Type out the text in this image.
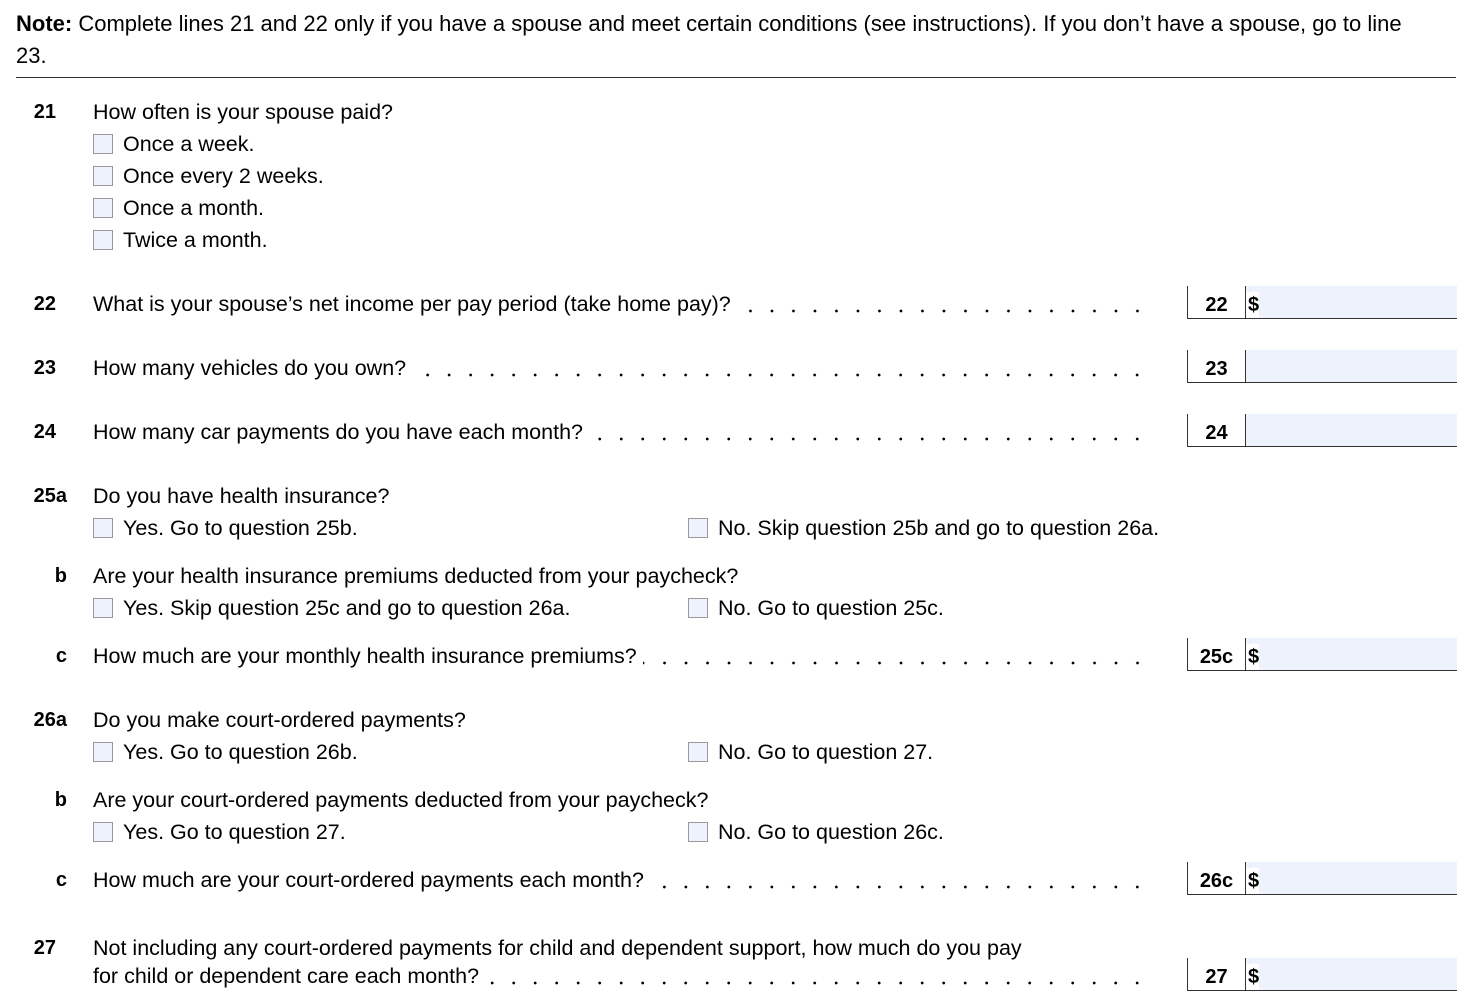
Note: Complete lines 21 and 22 only if you have a spouse and meet certain conditions (see instructions). If you don’t have a spouse, go to line 23.
21 How often is your spouse paid?
Once a week.
Once every 2 weeks.
Once a month.
Twice a month.
22 What is your spouse’s net income per pay period (take home pay)?	22	$
23 How many vehicles do you own?	23
24 How many car payments do you have each month?	24
25a Do you have health insurance?
Yes. Go to question 25b.	No. Skip question 25b and go to question 26a.
b Are your health insurance premiums deducted from your paycheck?
Yes. Skip question 25c and go to question 26a.	No. Go to question 25c.
c How much are your monthly health insurance premiums?	25c $
26a Do you make court-ordered payments?
Yes. Go to question 26b.	No. Go to question 27.
b Are your court-ordered payments deducted from your paycheck?
Yes. Go to question 27.	No. Go to question 26c.
c How much are your court-ordered payments each month?	26c $
27 Not including any court-ordered payments for child and dependent support, how much do you pay
for child or dependent care each month?	27	$
